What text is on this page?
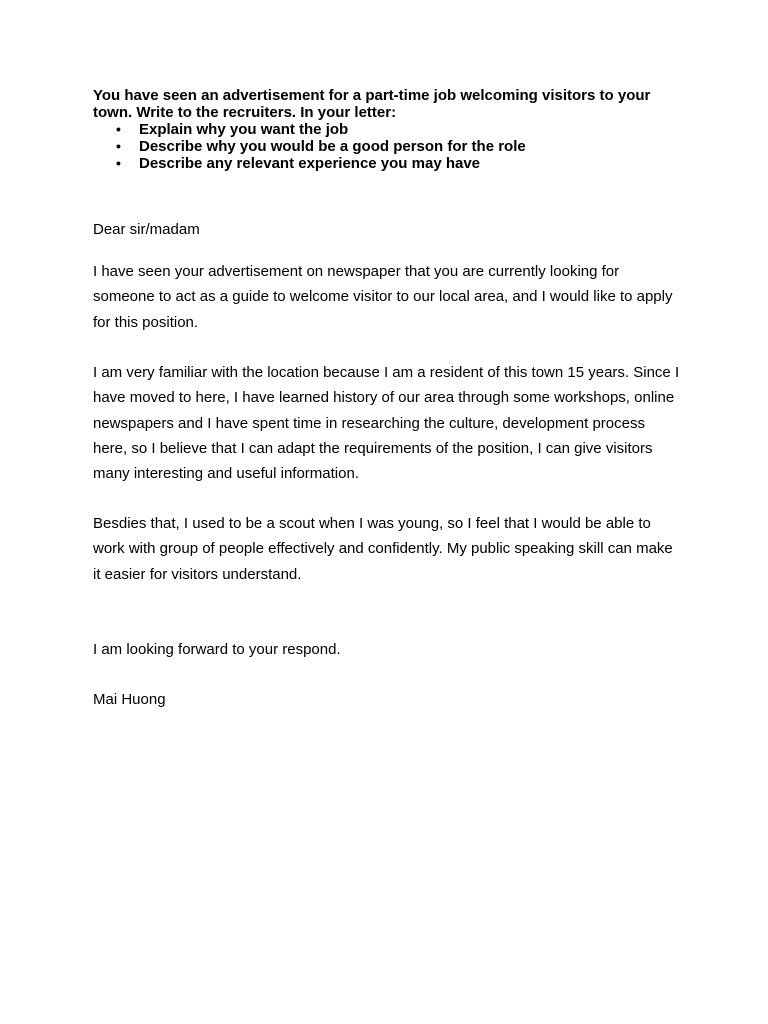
You have seen an advertisement for a part-time job welcoming visitors to your town. Write to the recruiters. In your letter:

• Explain why you want the job
• Describe why you would be a good person for the role
• Describe any relevant experience you may have

Dear sir/madam

I have seen your advertisement on newspaper that you are currently looking for someone to act as a guide to welcome visitor to our local area, and I would like to apply for this position.

I am very familiar with the location because I am a resident of this town 15 years. Since I have moved to here, I have learned history of our area through some workshops, online newspapers and I have spent time in researching the culture, development process here, so I believe that I can adapt the requirements of the position, I can give visitors many interesting and useful information.

Besdies that, I used to be a scout when I was young, so I feel that I would be able to work with group of people effectively and confidently. My public speaking skill can make it easier for visitors understand.

I am looking forward to your respond.

Mai Huong
